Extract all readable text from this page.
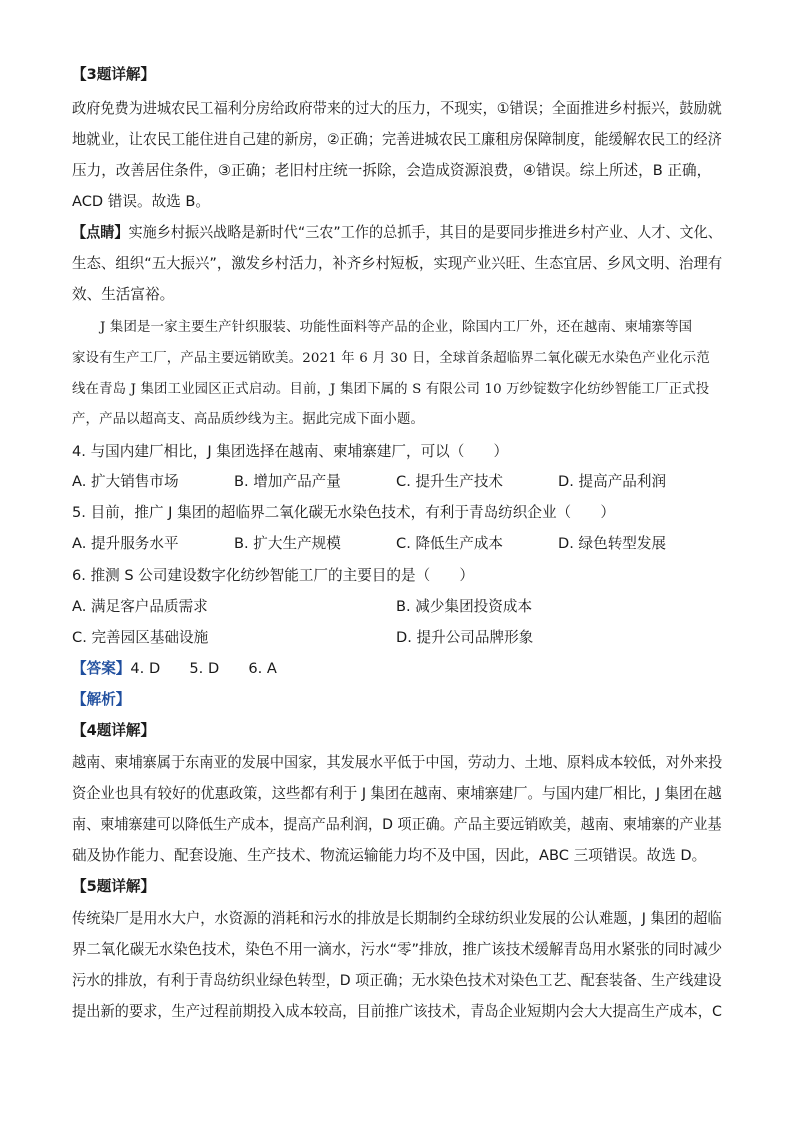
【3题详解】
政府免费为进城农民工福利分房给政府带来的过大的压力，不现实，①错误；全面推进乡村振兴，鼓励就
地就业，让农民工能住进自己建的新房，②正确；完善进城农民工廉租房保障制度，能缓解农民工的经济
压力，改善居住条件，③正确；老旧村庄统一拆除，会造成资源浪费，④错误。综上所述，B 正确，
ACD 错误。故选 B。
【点睛】实施乡村振兴战略是新时代“三农”工作的总抓手，其目的是要同步推进乡村产业、人才、文化、
生态、组织“五大振兴”，激发乡村活力，补齐乡村短板，实现产业兴旺、生态宜居、乡风文明、治理有
效、生活富裕。
J 集团是一家主要生产针织服装、功能性面料等产品的企业，除国内工厂外，还在越南、柬埔寨等国
家设有生产工厂，产品主要远销欧美。2021 年 6 月 30 日，全球首条超临界二氧化碳无水染色产业化示范
线在青岛 J 集团工业园区正式启动。目前，J 集团下属的 S 有限公司 10 万纱锭数字化纺纱智能工厂正式投
产，产品以超高支、高品质纱线为主。据此完成下面小题。
4. 与国内建厂相比，J 集团选择在越南、柬埔寨建厂，可以（　　）
A. 扩大销售市场	B. 增加产品产量	C. 提升生产技术	D. 提高产品利润
5. 目前，推广 J 集团的超临界二氧化碳无水染色技术，有利于青岛纺织企业（　　）
A. 提升服务水平	B. 扩大生产规模	C. 降低生产成本	D. 绿色转型发展
6. 推测 S 公司建设数字化纺纱智能工厂的主要目的是（　　）
A. 满足客户品质需求	B. 减少集团投资成本
C. 完善园区基础设施	D. 提升公司品牌形象
【答案】4. D　　5. D　　6. A
【解析】
【4题详解】
越南、柬埔寨属于东南亚的发展中国家，其发展水平低于中国，劳动力、土地、原料成本较低，对外来投
资企业也具有较好的优惠政策，这些都有利于 J 集团在越南、柬埔寨建厂。与国内建厂相比，J 集团在越
南、柬埔寨建可以降低生产成本，提高产品利润，D 项正确。产品主要远销欧美，越南、柬埔寨的产业基
础及协作能力、配套设施、生产技术、物流运输能力均不及中国，因此，ABC 三项错误。故选 D。
【5题详解】
传统染厂是用水大户，水资源的消耗和污水的排放是长期制约全球纺织业发展的公认难题，J 集团的超临
界二氧化碳无水染色技术，染色不用一滴水，污水“零”排放，推广该技术缓解青岛用水紧张的同时减少
污水的排放，有利于青岛纺织业绿色转型，D 项正确；无水染色技术对染色工艺、配套装备、生产线建设
提出新的要求，生产过程前期投入成本较高，目前推广该技术，青岛企业短期内会大大提高生产成本，C
